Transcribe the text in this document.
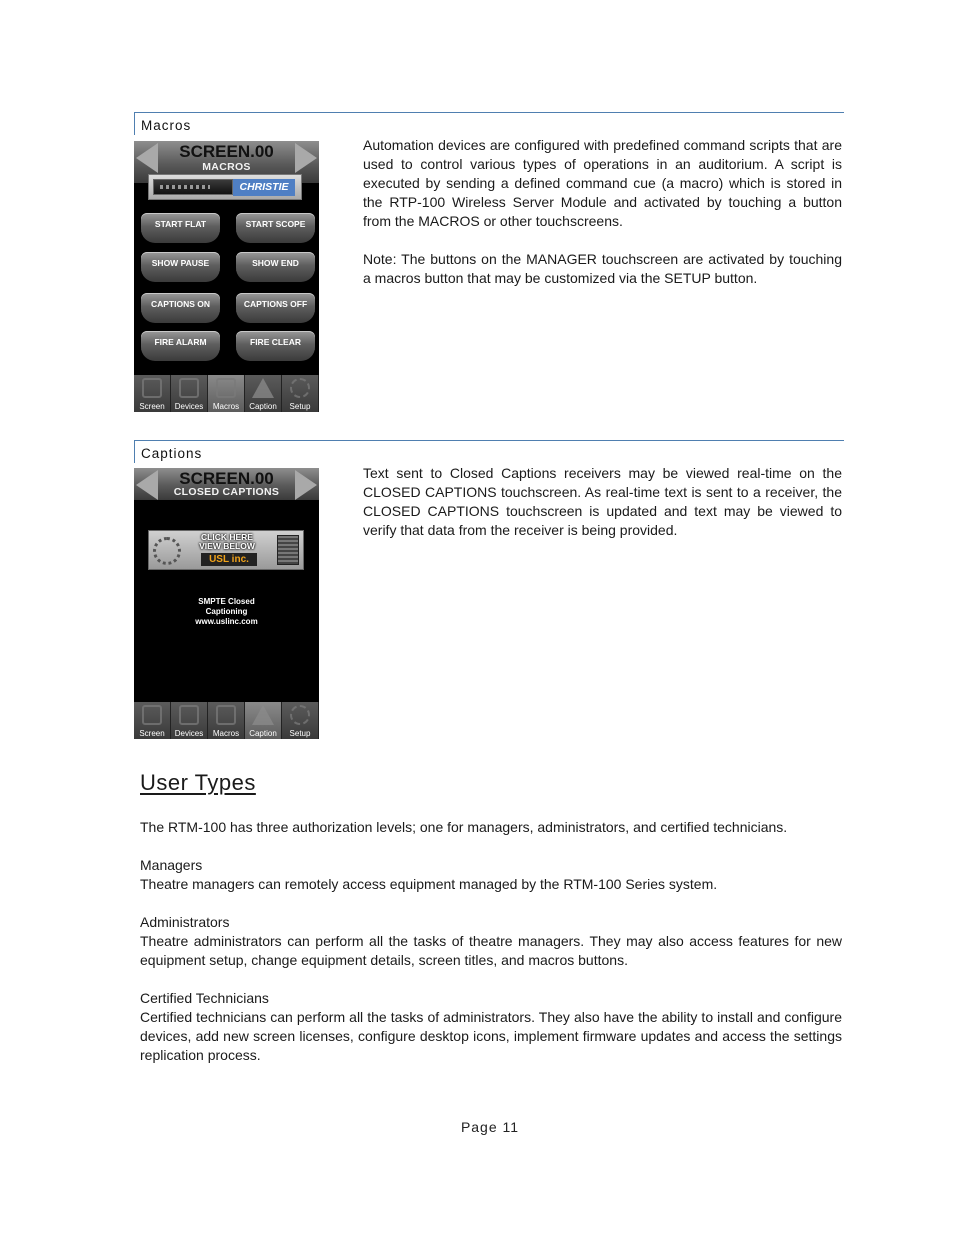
Macros
SCREEN.00
MACROS
CHRISTIE
START FLAT	START SCOPE
SHOW PAUSE	SHOW END
CAPTIONS ON	CAPTIONS OFF
FIRE ALARM	FIRE CLEAR
Screen	Devices	Macros	Caption	Setup

Automation devices are configured with predefined command scripts that are used to control various types of operations in an auditorium. A script is executed by sending a defined command cue (a macro) which is stored in the RTP-100 Wireless Server Module and activated by touching a button from the MACROS or other touchscreens.

Note: The buttons on the MANAGER touchscreen are activated by touching a macros button that may be customized via the SETUP button.

Captions
SCREEN.00
CLOSED CAPTIONS
CLICK HERE
VIEW BELOW
USL inc.
SMPTE Closed
Captioning
www.uslinc.com
Screen	Devices	Macros	Caption	Setup

Text sent to Closed Captions receivers may be viewed real-time on the CLOSED CAPTIONS touchscreen. As real-time text is sent to a receiver, the CLOSED CAPTIONS touchscreen is updated and text may be viewed to verify that data from the receiver is being provided.

User Types

The RTM-100 has three authorization levels; one for managers, administrators, and certified technicians.

Managers
Theatre managers can remotely access equipment managed by the RTM-100 Series system.

Administrators
Theatre administrators can perform all the tasks of theatre managers. They may also access features for new equipment setup, change equipment details, screen titles, and macros buttons.

Certified Technicians
Certified technicians can perform all the tasks of administrators. They also have the ability to install and configure devices, add new screen licenses, configure desktop icons, implement firmware updates and access the settings replication process.

Page 11
